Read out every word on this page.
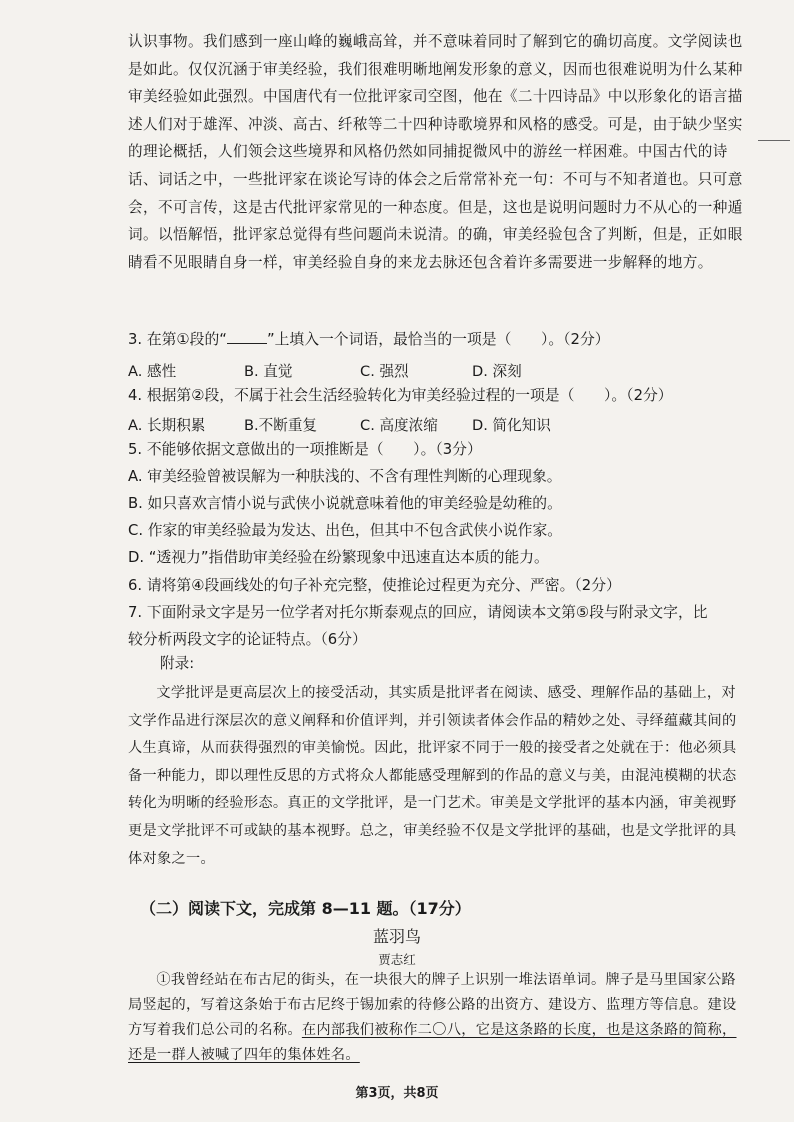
认识事物。我们感到一座山峰的巍峨高耸，并不意味着同时了解到它的确切高度。文学阅读也是如此。仅仅沉涵于审美经验，我们很难明晰地阐发形象的意义，因而也很难说明为什么某种审美经验如此强烈。中国唐代有一位批评家司空图，他在《二十四诗品》中以形象化的语言描述人们对于雄浑、冲淡、高古、纤秾等二十四种诗歌境界和风格的感受。可是，由于缺少坚实的理论概括，人们领会这些境界和风格仍然如同捕捉微风中的游丝一样困难。中国古代的诗话、词话之中，一些批评家在谈论写诗的体会之后常常补充一句：不可与不知者道也。只可意会，不可言传，这是古代批评家常见的一种态度。但是，这也是说明问题时力不从心的一种遁词。以悟解悟，批评家总觉得有些问题尚未说清。的确，审美经验包含了判断，但是，正如眼睛看不见眼睛自身一样，审美经验自身的来龙去脉还包含着许多需要进一步解释的地方。
3. 在第①段的“	”上填入一个词语，最恰当的一项是（　　）。（2分）
A. 感性	B. 直觉	C. 强烈	D. 深刻
4. 根据第②段，不属于社会生活经验转化为审美经验过程的一项是（　　）。（2分）
A. 长期积累	B.不断重复	C. 高度浓缩 D. 简化知识
5. 不能够依据文意做出的一项推断是（　　）。（3分）
A. 审美经验曾被误解为一种肤浅的、不含有理性判断的心理现象。
B. 如只喜欢言情小说与武侠小说就意味着他的审美经验是幼稚的。
C. 作家的审美经验最为发达、出色，但其中不包含武侠小说作家。
D. “透视力”指借助审美经验在纷繁现象中迅速直达本质的能力。
6. 请将第④段画线处的句子补充完整，使推论过程更为充分、严密。（2分）
7. 下面附录文字是另一位学者对托尔斯泰观点的回应，请阅读本文第⑤段与附录文字，比
较分析两段文字的论证特点。（6分）
附录:
文学批评是更高层次上的接受活动，其实质是批评者在阅读、感受、理解作品的基础上，对文学作品进行深层次的意义阐释和价值评判，并引领读者体会作品的精妙之处、寻绎蕴藏其间的人生真谛，从而获得强烈的审美愉悦。因此，批评家不同于一般的接受者之处就在于：他必须具备一种能力，即以理性反思的方式将众人都能感受理解到的作品的意义与美，由混沌模糊的状态转化为明晰的经验形态。真正的文学批评，是一门艺术。审美是文学批评的基本内涵，审美视野更是文学批评不可或缺的基本视野。总之，审美经验不仅是文学批评的基础，也是文学批评的具体对象之一。
（二）阅读下文，完成第 8—11 题。（17分）
蓝羽鸟
贾志红
①我曾经站在布古尼的街头，在一块很大的牌子上识别一堆法语单词。牌子是马里国家公路局竖起的，写着这条始于布古尼终于锡加索的待修公路的出资方、建设方、监理方等信息。建设方写着我们总公司的名称。在内部我们被称作二〇八，它是这条路的长度，也是这条路的简称，还是一群人被喊了四年的集体姓名。
第3页，共8页
